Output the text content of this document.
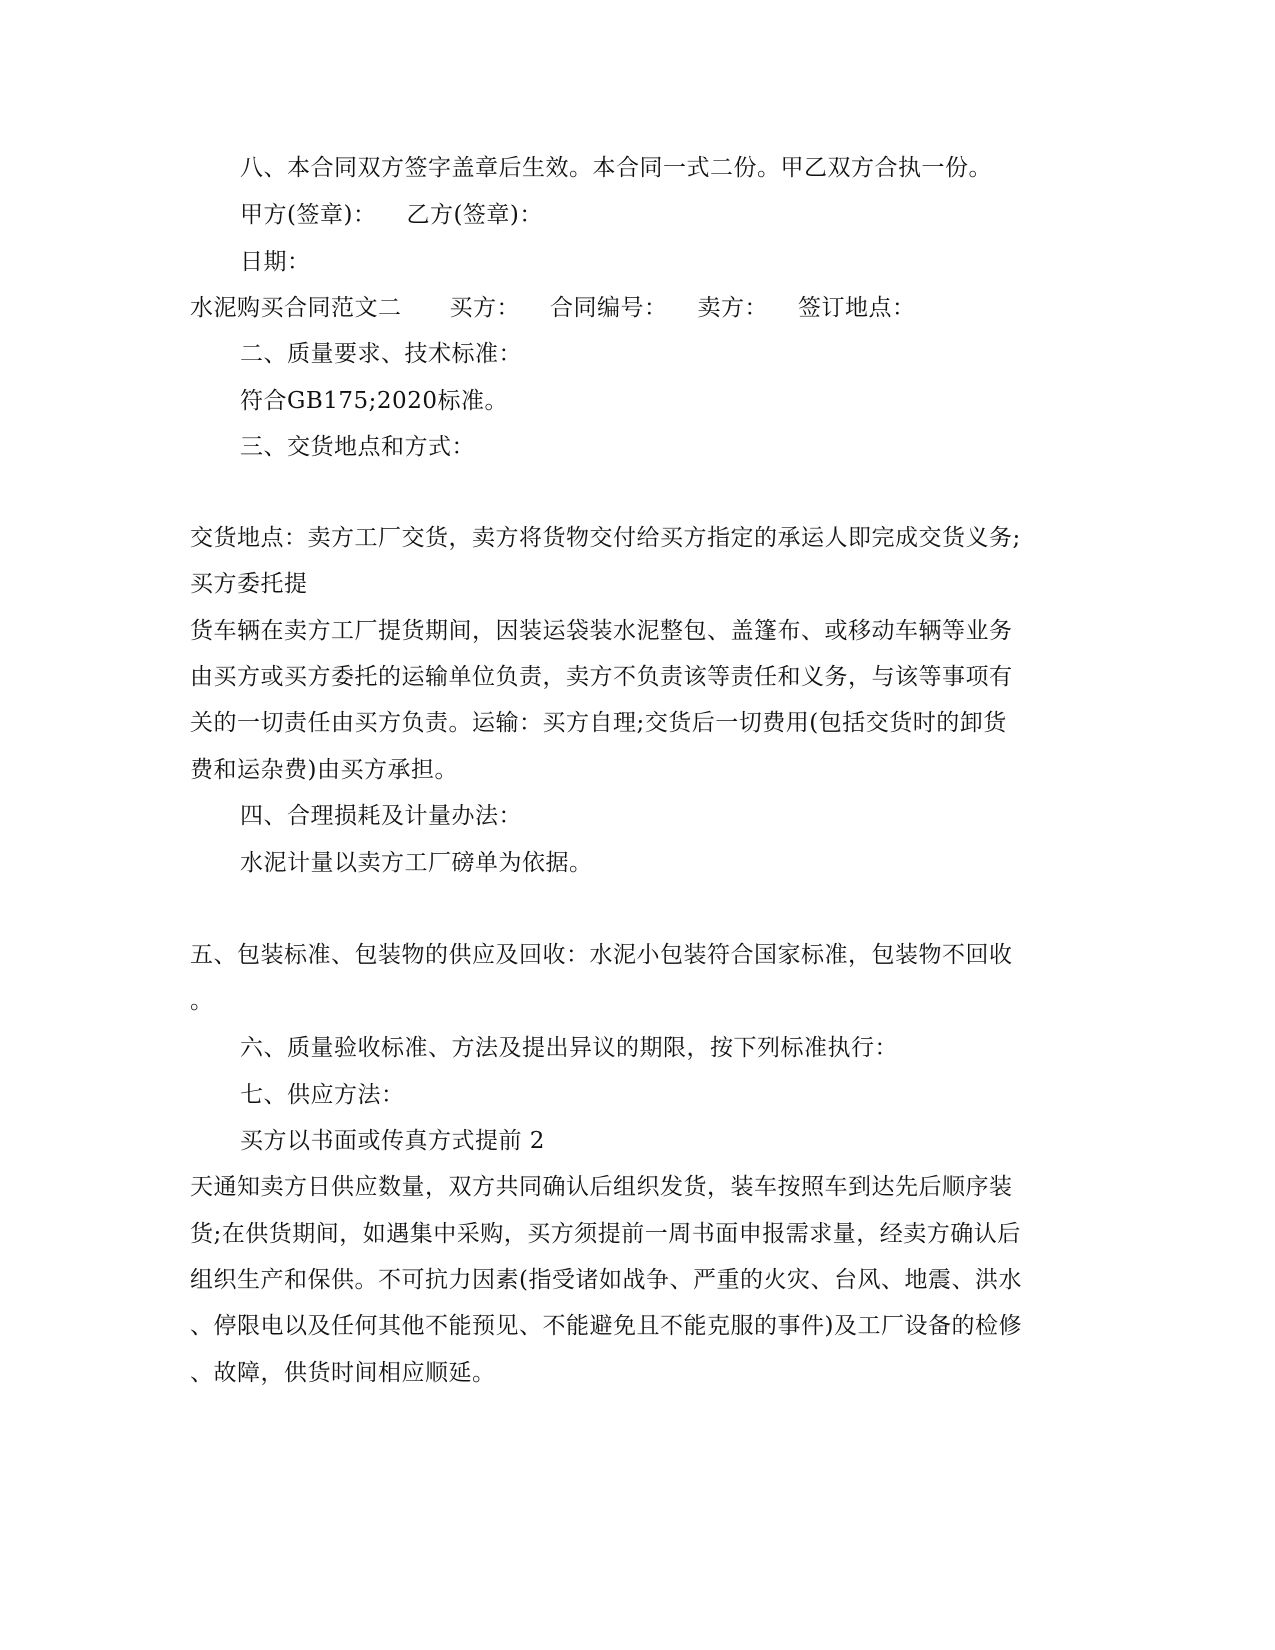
八、本合同双方签字盖章后生效。本合同一式二份。甲乙双方合执一份。

甲方(签章)： 乙方(签章)：

日期：

水泥购买合同范文二 买方： 合同编号： 卖方： 签订地点：

二、质量要求、技术标准：

符合GB175;2020标准。

三、交货地点和方式：

交货地点：卖方工厂交货，卖方将货物交付给买方指定的承运人即完成交货义务;

买方委托提

货车辆在卖方工厂提货期间，因装运袋装水泥整包、盖篷布、或移动车辆等业务

由买方或买方委托的运输单位负责，卖方不负责该等责任和义务，与该等事项有

关的一切责任由买方负责。运输：买方自理;交货后一切费用(包括交货时的卸货

费和运杂费)由买方承担。

四、合理损耗及计量办法：

水泥计量以卖方工厂磅单为依据。

五、包装标准、包装物的供应及回收：水泥小包装符合国家标准，包装物不回收

。

六、质量验收标准、方法及提出异议的期限，按下列标准执行：

七、供应方法：

买方以书面或传真方式提前 2

天通知卖方日供应数量，双方共同确认后组织发货，装车按照车到达先后顺序装

货;在供货期间，如遇集中采购，买方须提前一周书面申报需求量，经卖方确认后

组织生产和保供。不可抗力因素(指受诸如战争、严重的火灾、台风、地震、洪水

、停限电以及任何其他不能预见、不能避免且不能克服的事件)及工厂设备的检修

、故障，供货时间相应顺延。
